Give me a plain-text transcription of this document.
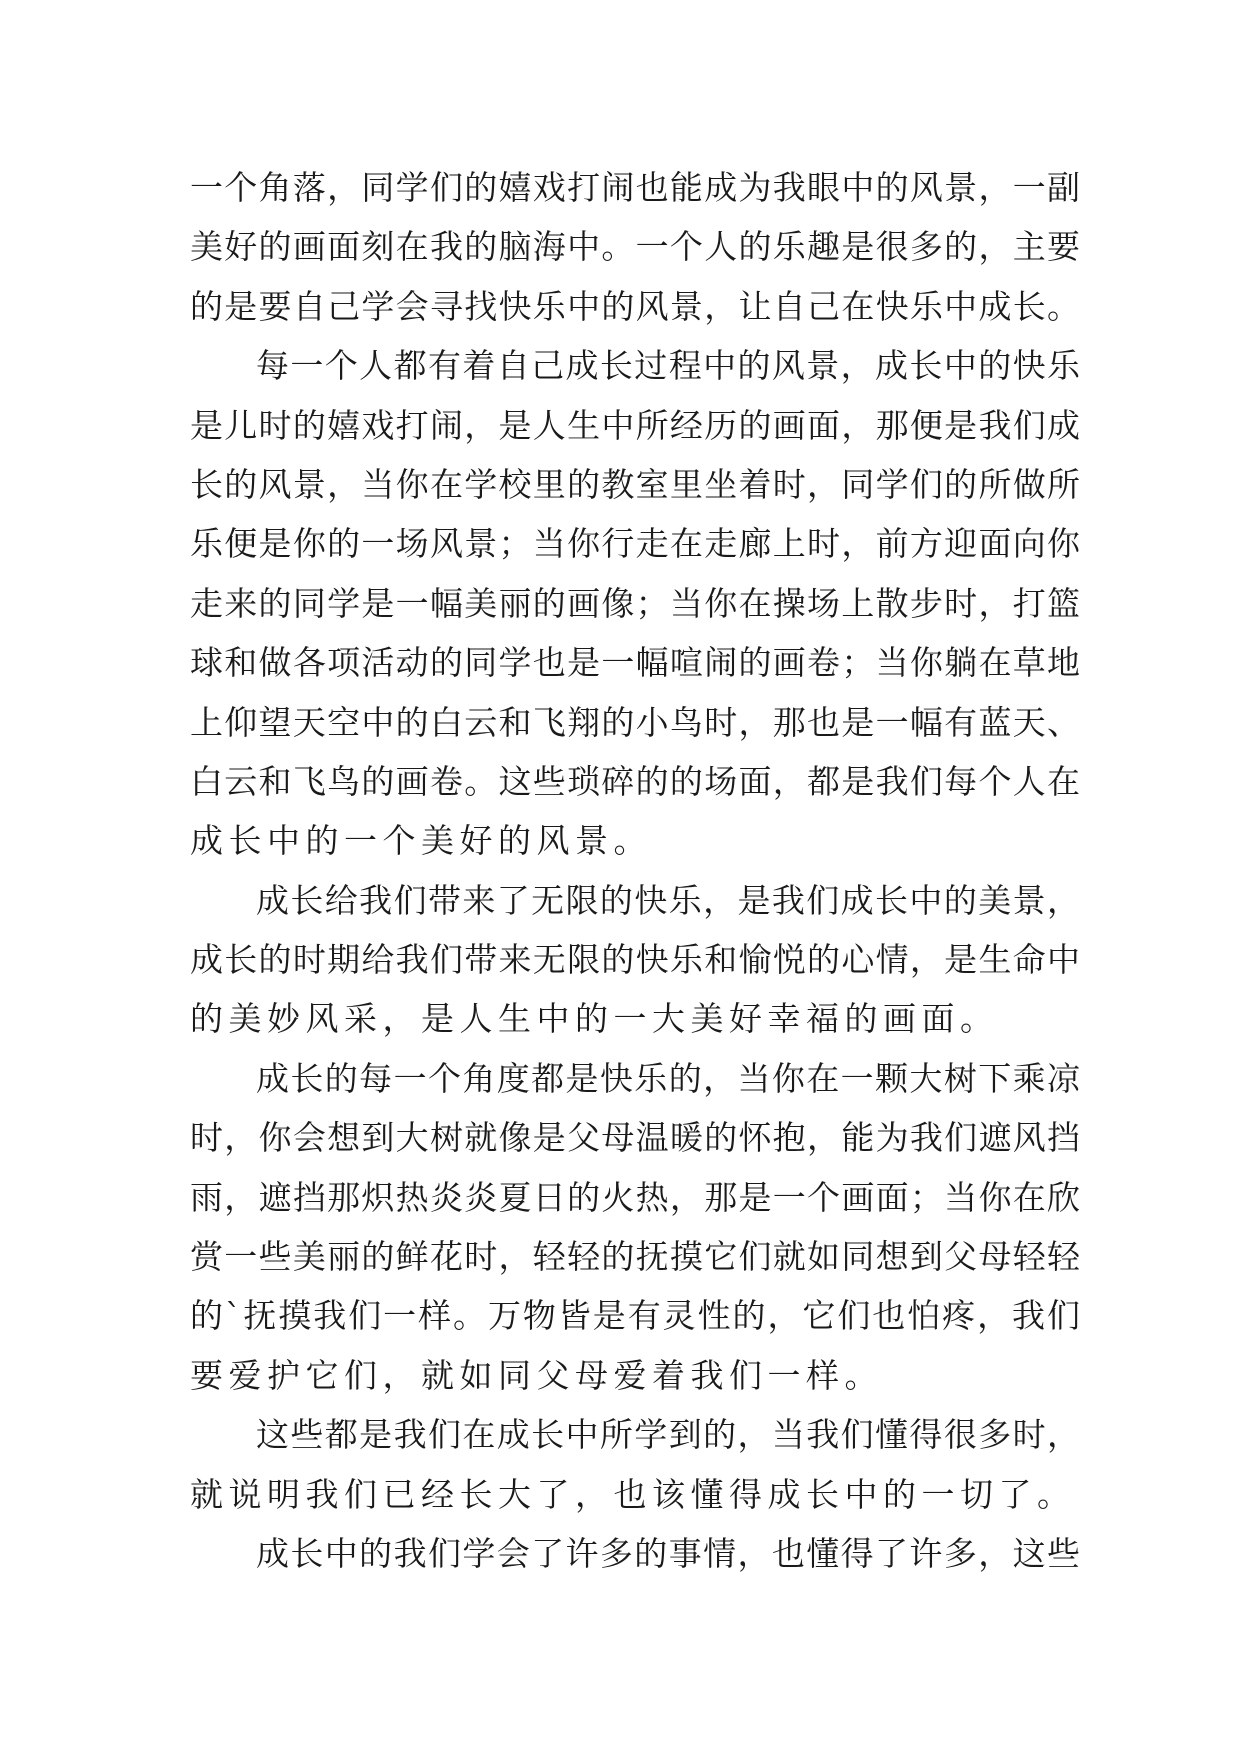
一个角落，同学们的嬉戏打闹也能成为我眼中的风景，一副
美好的画面刻在我的脑海中。一个人的乐趣是很多的，主要
的是要自己学会寻找快乐中的风景，让自己在快乐中成长。
每一个人都有着自己成长过程中的风景，成长中的快乐
是儿时的嬉戏打闹，是人生中所经历的画面，那便是我们成
长的风景，当你在学校里的教室里坐着时，同学们的所做所
乐便是你的一场风景；当你行走在走廊上时，前方迎面向你
走来的同学是一幅美丽的画像；当你在操场上散步时，打篮
球和做各项活动的同学也是一幅喧闹的画卷；当你躺在草地
上仰望天空中的白云和飞翔的小鸟时，那也是一幅有蓝天、
白云和飞鸟的画卷。这些琐碎的的场面，都是我们每个人在
成长中的一个美好的风景。
成长给我们带来了无限的快乐，是我们成长中的美景，
成长的时期给我们带来无限的快乐和愉悦的心情，是生命中
的美妙风采，是人生中的一大美好幸福的画面。
成长的每一个角度都是快乐的，当你在一颗大树下乘凉
时，你会想到大树就像是父母温暖的怀抱，能为我们遮风挡
雨，遮挡那炽热炎炎夏日的火热，那是一个画面；当你在欣
赏一些美丽的鲜花时，轻轻的抚摸它们就如同想到父母轻轻
的`抚摸我们一样。万物皆是有灵性的，它们也怕疼，我们
要爱护它们，就如同父母爱着我们一样。
这些都是我们在成长中所学到的，当我们懂得很多时，
就说明我们已经长大了，也该懂得成长中的一切了。
成长中的我们学会了许多的事情，也懂得了许多，这些
